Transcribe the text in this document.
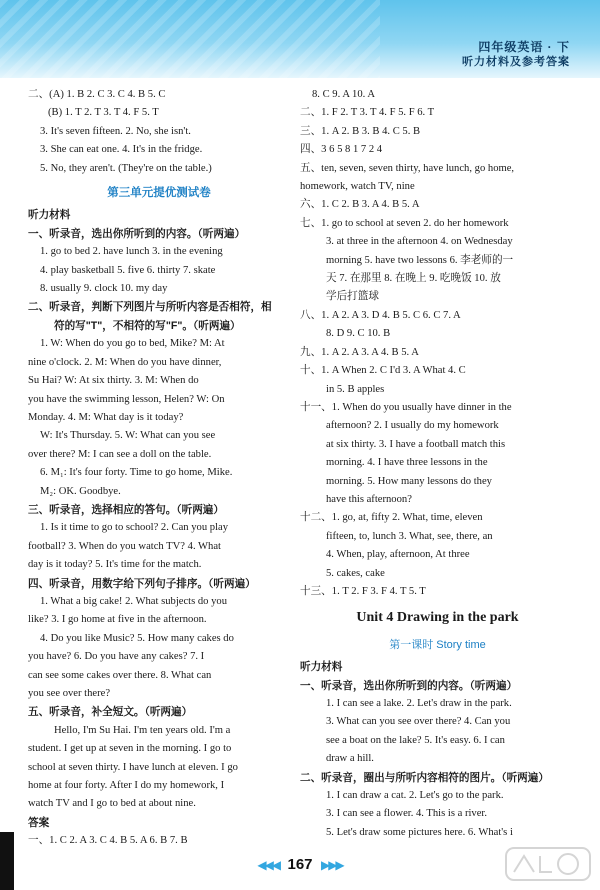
四年级英语 · 下
听力材料及参考答案
二、(A) 1. B 2. C 3. C 4. B 5. C
(B) 1. T 2. T 3. T 4. F 5. T
3. It's seven fifteen. 2. No, she isn't.
3. She can eat one. 4. It's in the fridge.
5. No, they aren't. (They're on the table.)
第三单元提优测试卷
听力材料
一、听录音，选出你所听到的内容。（听两遍）
1. go to bed 2. have lunch 3. in the evening
4. play basketball 5. five 6. thirty 7. skate
8. usually 9. clock 10. my day
二、听录音，判断下列图片与所听内容是否相符，相
符的写"T"，不相符的写"F"。（听两遍）
1. W: When do you go to bed, Mike? M: At
nine o'clock. 2. M: When do you have dinner,
Su Hai? W: At six thirty. 3. M: When do
you have the swimming lesson, Helen? W: On
Monday. 4. M: What day is it today?
W: It's Thursday. 5. W: What can you see
over there? M: I can see a doll on the table.
6. M₁: It's four forty. Time to go home, Mike.
M₂: OK. Goodbye.
三、听录音，选择相应的答句。（听两遍）
1. Is it time to go to school? 2. Can you play
football? 3. When do you watch TV? 4. What
day is it today? 5. It's time for the match.
四、听录音，用数字给下列句子排序。（听两遍）
1. What a big cake! 2. What subjects do you
like? 3. I go home at five in the afternoon.
4. Do you like Music? 5. How many cakes do
you have? 6. Do you have any cakes? 7. I
can see some cakes over there. 8. What can
you see over there?
五、听录音，补全短文。（听两遍）
Hello, I'm Su Hai. I'm ten years old. I'm a
student. I get up at seven in the morning. I go to
school at seven thirty. I have lunch at eleven. I go
home at four forty. After I do my homework, I
watch TV and I go to bed at about nine.
答案
一、1. C 2. A 3. C 4. B 5. A 6. B 7. B
8. C 9. A 10. A
二、1. F 2. T 3. T 4. F 5. F 6. T
三、1. A 2. B 3. B 4. C 5. B
四、3 6 5 8 1 7 2 4
五、ten, seven, seven thirty, have lunch, go home,
homework, watch TV, nine
六、1. C 2. B 3. A 4. B 5. A
七、1. go to school at seven 2. do her homework
3. at three in the afternoon 4. on Wednesday
morning 5. have two lessons 6. 李老师的一
天 7. 在那里 8. 在晚上 9. 吃晚饭 10. 放
学后打篮球
八、1. A 2. A 3. D 4. B 5. C 6. C 7. A
8. D 9. C 10. B
九、1. A 2. A 3. A 4. B 5. A
十、1. A When 2. C I'd 3. A What 4. C
in 5. B apples
十一、1. When do you usually have dinner in the
afternoon? 2. I usually do my homework
at six thirty. 3. I have a football match this
morning. 4. I have three lessons in the
morning. 5. How many lessons do they
have this afternoon?
十二、1. go, at, fifty 2. What, time, eleven
fifteen, to, lunch 3. What, see, there, an
4. When, play, afternoon, At three
5. cakes, cake
十三、1. T 2. F 3. F 4. T 5. T
Unit 4 Drawing in the park
第一课时 Story time
听力材料
一、听录音，选出你所听到的内容。（听两遍）
1. I can see a lake. 2. Let's draw in the park.
3. What can you see over there? 4. Can you
see a boat on the lake? 5. It's easy. 6. I can
draw a hill.
二、听录音，圈出与所听内容相符的图片。（听两遍）
1. I can draw a cat. 2. Let's go to the park.
3. I can see a flower. 4. This is a river.
5. Let's draw some pictures here. 6. What's i
◀◀◀ 167 ▶▶▶
